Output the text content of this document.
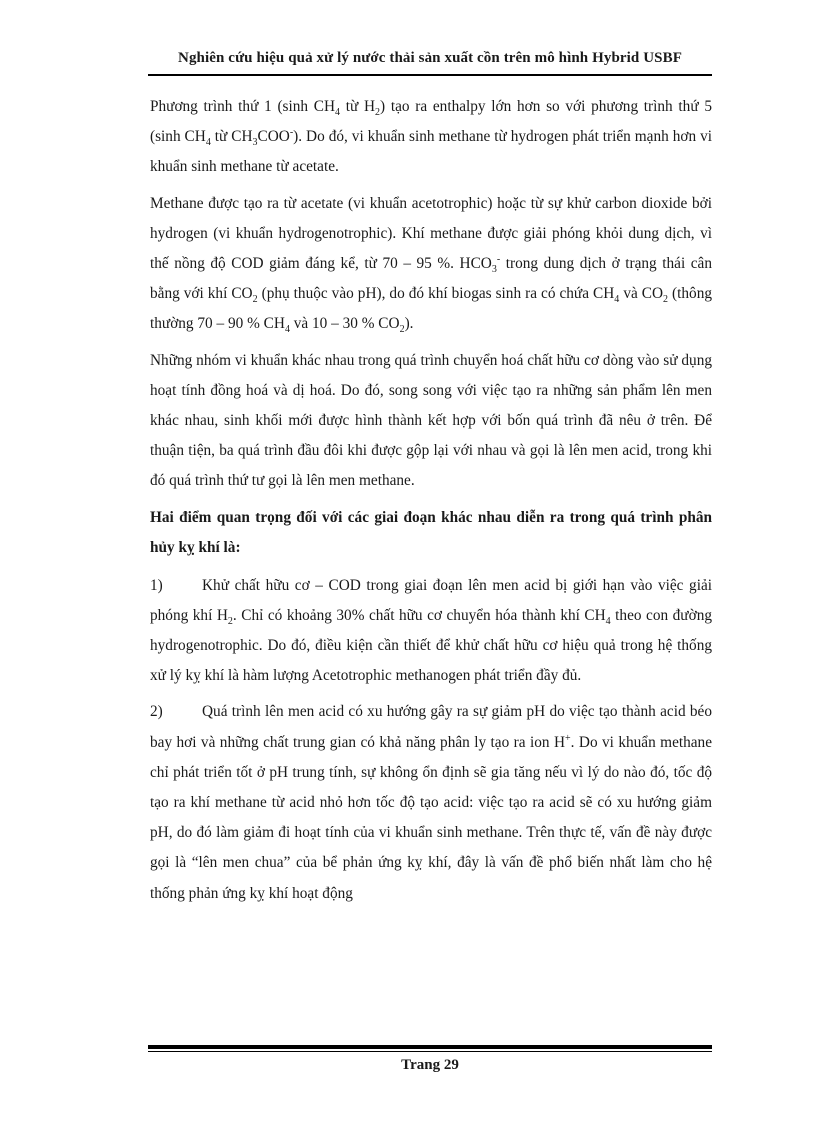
Nghiên cứu hiệu quả xử lý nước thải sản xuất cồn trên mô hình Hybrid USBF

Phương trình thứ 1 (sinh $CH_4$ từ $H_2$) tạo ra enthalpy lớn hơn so với phương trình thứ 5 (sinh $CH_4$ từ $CH_3COO^-$). Do đó, vi khuẩn sinh methane từ hydrogen phát triển mạnh hơn vi khuẩn sinh methane từ acetate.

Methane được tạo ra từ acetate (vi khuẩn acetotrophic) hoặc từ sự khử carbon dioxide bởi hydrogen (vi khuẩn hydrogenotrophic). Khí methane được giải phóng khỏi dung dịch, vì thế nồng độ COD giảm đáng kể, từ 70 – 95 %. $HCO_3^-$ trong dung dịch ở trạng thái cân bằng với khí $CO_2$ (phụ thuộc vào pH), do đó khí biogas sinh ra có chứa $CH_4$ và $CO_2$ (thông thường 70 – 90 % $CH_4$ và 10 – 30 % $CO_2$).

Những nhóm vi khuẩn khác nhau trong quá trình chuyển hoá chất hữu cơ dòng vào sử dụng hoạt tính đồng hoá và dị hoá. Do đó, song song với việc tạo ra những sản phẩm lên men khác nhau, sinh khối mới được hình thành kết hợp với bốn quá trình đã nêu ở trên. Để thuận tiện, ba quá trình đầu đôi khi được gộp lại với nhau và gọi là lên men acid, trong khi đó quá trình thứ tư gọi là lên men methane.

Hai điểm quan trọng đối với các giai đoạn khác nhau diễn ra trong quá trình phân hủy kỵ khí là:

1)	Khử chất hữu cơ – COD trong giai đoạn lên men acid bị giới hạn vào việc giải phóng khí $H_2$. Chỉ có khoảng 30% chất hữu cơ chuyển hóa thành khí $CH_4$ theo con đường hydrogenotrophic. Do đó, điều kiện cần thiết để khử chất hữu cơ hiệu quả trong hệ thống xử lý kỵ khí là hàm lượng Acetotrophic methanogen phát triển đầy đủ.

2)	Quá trình lên men acid có xu hướng gây ra sự giảm pH do việc tạo thành acid béo bay hơi và những chất trung gian có khả năng phân ly tạo ra ion H+. Do vi khuẩn methane chỉ phát triển tốt ở pH trung tính, sự không ổn định sẽ gia tăng nếu vì lý do nào đó, tốc độ tạo ra khí methane từ acid nhỏ hơn tốc độ tạo acid: việc tạo ra acid sẽ có xu hướng giảm pH, do đó làm giảm đi hoạt tính của vi khuẩn sinh methane. Trên thực tế, vấn đề này được gọi là “lên men chua” của bể phản ứng kỵ khí, đây là vấn đề phổ biến nhất làm cho hệ thống phản ứng kỵ khí hoạt động

Trang 29
